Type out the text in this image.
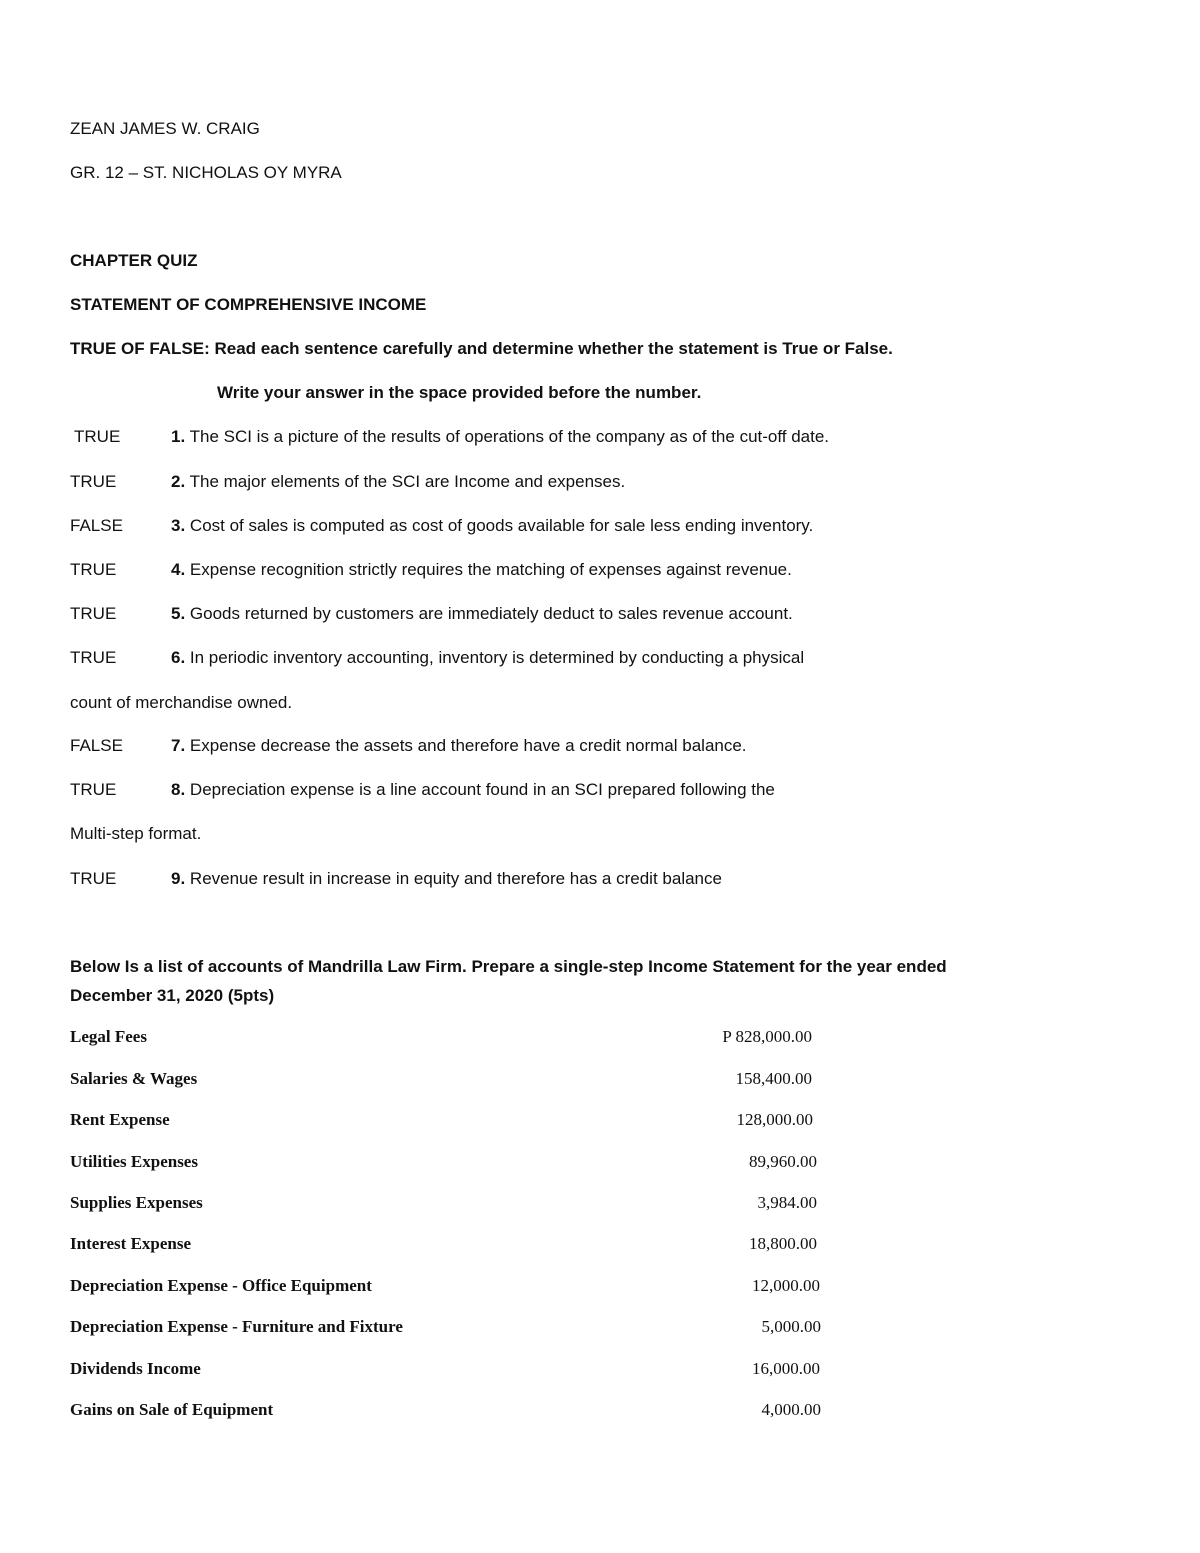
ZEAN JAMES W. CRAIG
GR. 12 – ST. NICHOLAS OY MYRA
CHAPTER QUIZ
STATEMENT OF COMPREHENSIVE INCOME
TRUE OF FALSE: Read each sentence carefully and determine whether the statement is True or False.
Write your answer in the space provided before the number.
TRUE	1. The SCI is a picture of the results of operations of the company as of the cut-off date.
TRUE	2. The major elements of the SCI are Income and expenses.
FALSE	3. Cost of sales is computed as cost of goods available for sale less ending inventory.
TRUE	4. Expense recognition strictly requires the matching of expenses against revenue.
TRUE	5. Goods returned by customers are immediately deduct to sales revenue account.
TRUE	6. In periodic inventory accounting, inventory is determined by conducting a physical
count of merchandise owned.
FALSE	7. Expense decrease the assets and therefore have a credit normal balance.
TRUE	8. Depreciation expense is a line account found in an SCI prepared following the
Multi-step format.
TRUE	9. Revenue result in increase in equity and therefore has a credit balance
Below Is a list of accounts of Mandrilla Law Firm. Prepare a single-step Income Statement for the year ended
December 31, 2020 (5pts)
Legal Fees	P 828,000.00
Salaries & Wages	158,400.00
Rent Expense	128,000.00
Utilities Expenses	89,960.00
Supplies Expenses	3,984.00
Interest Expense	18,800.00
Depreciation Expense - Office Equipment	12,000.00
Depreciation Expense - Furniture and Fixture	5,000.00
Dividends Income	16,000.00
Gains on Sale of Equipment	4,000.00
